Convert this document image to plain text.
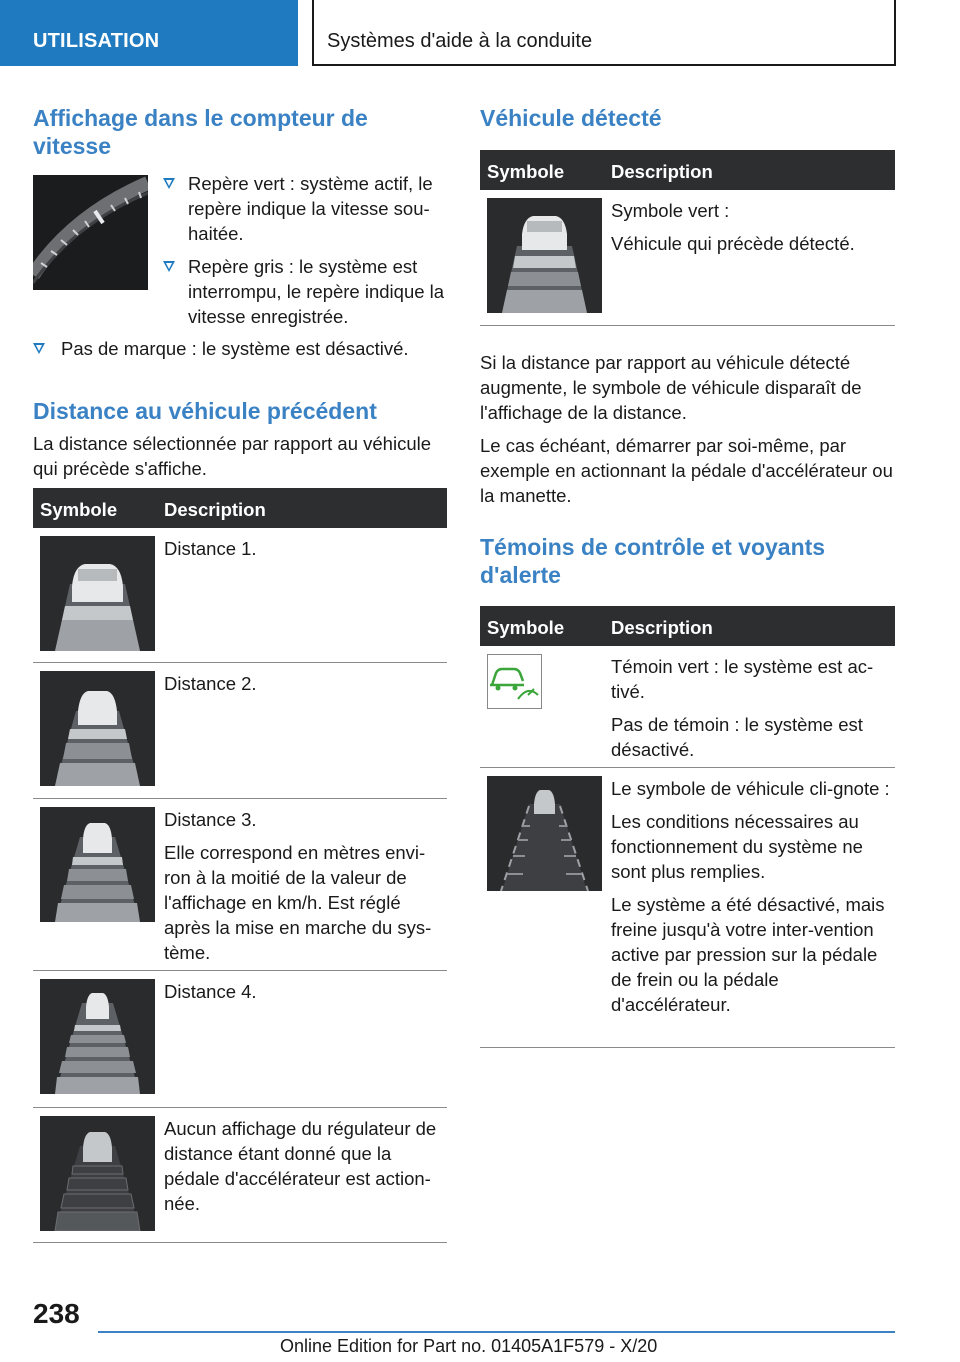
UTILISATION	Systèmes d'aide à la conduite
Affichage dans le compteur de vitesse
Repère vert : système actif, le repère indique la vitesse sou-haitée.
Repère gris : le système est interrompu, le repère indique la vitesse enregistrée.
Pas de marque : le système est désactivé.
Distance au véhicule précédent

La distance sélectionnée par rapport au véhicule qui précède s'affiche.

Symbole	Description
Distance 1.
Distance 2.
Distance 3.
Elle correspond en mètres envi-ron à la moitié de la valeur de l'affichage en km/h. Est réglé après la mise en marche du sys-tème.
Distance 4.
Aucun affichage du régulateur de distance étant donné que la pédale d'accélérateur est action-née.
Véhicule détecté
Symbole	Description
Symbole vert :
Véhicule qui précède détecté.

Si la distance par rapport au véhicule détecté augmente, le symbole de véhicule disparaît de l'affichage de la distance.

Le cas échéant, démarrer par soi-même, par exemple en actionnant la pédale d'accélérateur ou la manette.

Témoins de contrôle et voyants d'alerte
Symbole	Description
Témoin vert : le système est ac-tivé.
Pas de témoin : le système est désactivé.
Le symbole de véhicule cli-gnote :
Les conditions nécessaires au fonctionnement du système ne sont plus remplies.
Le système a été désactivé, mais freine jusqu'à votre inter-vention active par pression sur la pédale de frein ou la pédale d'accélérateur.
238
Online Edition for Part no. 01405A1F579 - X/20
